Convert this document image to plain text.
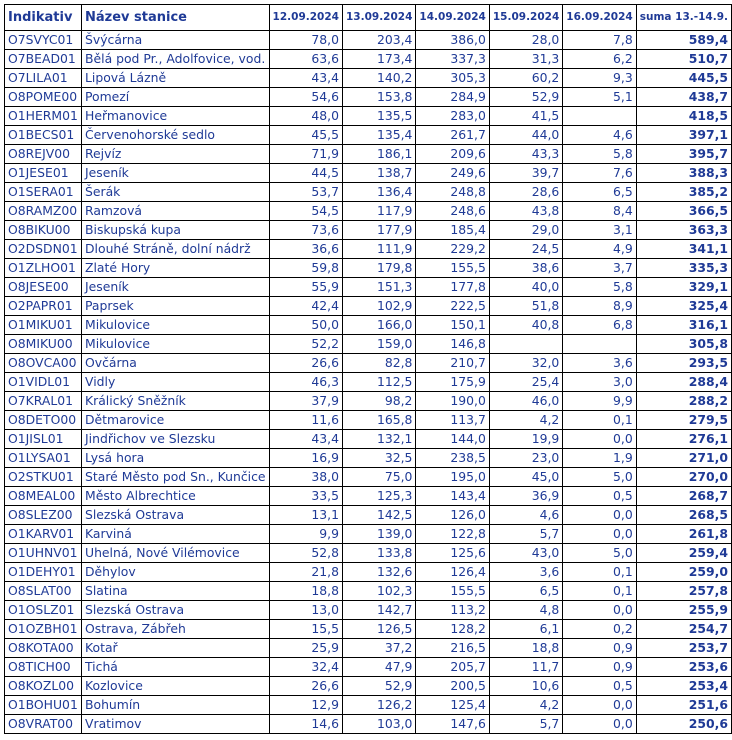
Indikativ	Název stanice	12.09.2024	13.09.2024	14.09.2024	15.09.2024	16.09.2024	suma 13.-14.9.
O7SVYC01	Švýcárna	78,0	203,4	386,0	28,0	7,8	589,4
O7BEAD01	Bělá pod Pr., Adolfovice, vod.	63,6	173,4	337,3	31,3	6,2	510,7
O7LILA01	Lipová Lázně	43,4	140,2	305,3	60,2	9,3	445,5
O8POME00	Pomezí	54,6	153,8	284,9	52,9	5,1	438,7
O1HERM01	Heřmanovice	48,0	135,5	283,0	41,5		418,5
O1BECS01	Červenohorské sedlo	45,5	135,4	261,7	44,0	4,6	397,1
O8REJV00	Rejvíz	71,9	186,1	209,6	43,3	5,8	395,7
O1JESE01	Jeseník	44,5	138,7	249,6	39,7	7,6	388,3
O1SERA01	Šerák	53,7	136,4	248,8	28,6	6,5	385,2
O8RAMZ00	Ramzová	54,5	117,9	248,6	43,8	8,4	366,5
O8BIKU00	Biskupská kupa	73,6	177,9	185,4	29,0	3,1	363,3
O2DSDN01	Dlouhé Stráně, dolní nádrž	36,6	111,9	229,2	24,5	4,9	341,1
O1ZLHO01	Zlaté Hory	59,8	179,8	155,5	38,6	3,7	335,3
O8JESE00	Jeseník	55,9	151,3	177,8	40,0	5,8	329,1
O2PAPR01	Paprsek	42,4	102,9	222,5	51,8	8,9	325,4
O1MIKU01	Mikulovice	50,0	166,0	150,1	40,8	6,8	316,1
O8MIKU00	Mikulovice	52,2	159,0	146,8			305,8
O8OVCA00	Ovčárna	26,6	82,8	210,7	32,0	3,6	293,5
O1VIDL01	Vidly	46,3	112,5	175,9	25,4	3,0	288,4
O7KRAL01	Králický Sněžník	37,9	98,2	190,0	46,0	9,9	288,2
O8DETO00	Dětmarovice	11,6	165,8	113,7	4,2	0,1	279,5
O1JISL01	Jindřichov ve Slezsku	43,4	132,1	144,0	19,9	0,0	276,1
O1LYSA01	Lysá hora	16,9	32,5	238,5	23,0	1,9	271,0
O2STKU01	Staré Město pod Sn., Kunčice	38,0	75,0	195,0	45,0	5,0	270,0
O8MEAL00	Město Albrechtice	33,5	125,3	143,4	36,9	0,5	268,7
O8SLEZ00	Slezská Ostrava	13,1	142,5	126,0	4,6	0,0	268,5
O1KARV01	Karviná	9,9	139,0	122,8	5,7	0,0	261,8
O1UHNV01	Uhelná, Nové Vilémovice	52,8	133,8	125,6	43,0	5,0	259,4
O1DEHY01	Děhylov	21,8	132,6	126,4	3,6	0,1	259,0
O8SLAT00	Slatina	18,8	102,3	155,5	6,5	0,1	257,8
O1OSLZ01	Slezská Ostrava	13,0	142,7	113,2	4,8	0,0	255,9
O1OZBH01	Ostrava, Zábřeh	15,5	126,5	128,2	6,1	0,2	254,7
O8KOTA00	Kotař	25,9	37,2	216,5	18,8	0,9	253,7
O8TICH00	Tichá	32,4	47,9	205,7	11,7	0,9	253,6
O8KOZL00	Kozlovice	26,6	52,9	200,5	10,6	0,5	253,4
O1BOHU01	Bohumín	12,9	126,2	125,4	4,2	0,0	251,6
O8VRAT00	Vratimov	14,6	103,0	147,6	5,7	0,0	250,6
